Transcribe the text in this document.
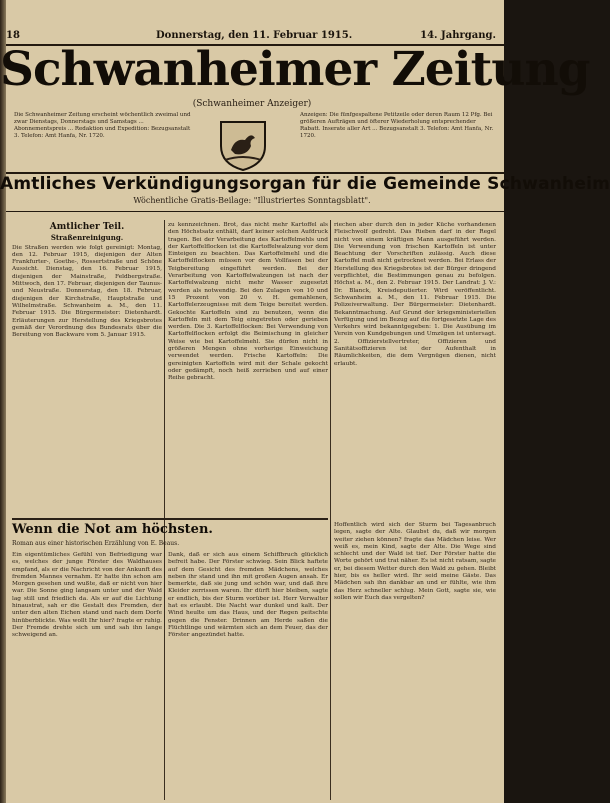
18	Donnerstag, den 11. Februar 1915.	14. Jahrgang.
Schwanheimer Zeitung
(Schwanheimer Anzeiger)
Die Schwanheimer Zeitung erscheint wöchentlich zweimal und zwar Dienstags, Donnerstags und Samstags ... Abonnementspreis ... Redaktion und Expedition: Bezugsanstalt 3. Telefon: Amt Hanfa, Nr. 1720.
Anzeigen: Die fünfgespaltene Petitzeile oder deren Raum 12 Pfg. Bei größeren Aufträgen und öfterer Wiederholung entsprechender Rabatt. Inserate aller Art ... Bezugsanstalt 3. Telefon: Amt Hanfa, Nr. 1720.
Amtliches Verkündigungsorgan für die Gemeinde Schwanheim
Wöchentliche Gratis-Beilage: "Illustriertes Sonntagsblatt".
Amtlicher Teil.
Straßenreinigung.
Die Straßen werden wie folgt gereinigt: Montag, den 12. Februar 1915, diejenigen der Alten Frankfurter-, Goethe-, Rossertstraße und Schöne Aussicht. Dienstag, den 16. Februar 1915, diejenigen der Mainstraße, Feldbergstraße. Mittwoch, den 17. Februar, diejenigen der Taunus- und Neustraße. Donnerstag, den 18. Februar, diejenigen der Kirchstraße, Hauptstraße und Wilhelmstraße. Schwanheim a. M., den 11. Februar 1915. Die Bürgermeister: Dietenhardt. Erläuterungen zur Herstellung des Kriegsbrotes gemäß der Verordnung des Bundesrats über die Bereitung von Backware vom 5. Januar 1915.
zu kennzeichnen. Brot, das nicht mehr Kartoffel als den Höchstsatz enthält, darf keiner solchen Aufdruck tragen. Bei der Verarbeitung des Kartoffelmehls und der Kartoffelflocken ist die Kartoffelwalzung vor dem Einteigen zu beachten. Das Kartoffelmehl und die Kartoffelflocken müssen vor dem Vollfasen bei der Teigbereitung eingeführt werden. Bei der Verarbeitung von Kartoffelwalzungen ist nach der Kartoffelwalzung nicht mehr Wasser zugesetzt werden als notwendig. Bei den Zulagen von 10 und 15 Prozent von 20 v. H. gemahlenen, Kartoffelerzeugnisse mit dem Teige bereitet werden. Gekochte Kartoffeln sind zu benutzen, wenn die Kartoffeln mit dem Teig eingetreten oder gerieben werden. Die 3. Kartoffelflocken: Bei Verwendung von Kartoffelflocken erfolgt die Beimischung in gleicher Weise wie bei Kartoffelmehl. Sie dürfen nicht in größeren Mengen ohne vorherige Einweichung verwendet werden. Frische Kartoffeln: Die gereinigten Kartoffeln wird mit der Schale gekocht oder gedämpft, noch heiß zerrieben und auf einer Reihe gebracht.
riechen aber durch den in jeder Küche vorhandenen Fleischwolf gedreht. Das Rieben darf in der Regel nicht von einem kräftigen Mann ausgeführt werden. Die Verwendung von frischen Kartoffeln ist unter Beachtung der Vorschriften zulässig. Auch diese Kartoffel muß nicht getrocknet werden. Bei Erlass der Herstellung des Kriegsbrotes ist der Bürger dringend verpflichtet, die Bestimmungen genau zu befolgen. Höchst a. M., den 2. Februar 1915. Der Landrat: J. V.: Dr. Blanck, Kreisdeputierter. Wird veröffentlicht. Schwanheim a. M., den 11. Februar 1915. Die Polizeiverwaltung. Der Bürgermeister: Dietenhardt. Bekanntmachung. Auf Grund der kriegsministeriellen Verfügung und im Bezug auf die fortgesetzte Lage des Verkehrs wird bekanntgegeben: 1. Die Ausübung im Verein von Kundgebungen und Umzügen ist untersagt. 2. Offizierstellvertreter, Offizieren und Sanitätsoffizieren ist der Aufenthalt in Räumlichkeiten, die dem Vergnügen dienen, nicht erlaubt.
Wenn die Not am höchsten.
Roman aus einer historischen Erzählung von E. Beaus.
Ein eigentümliches Gefühl von Befriedigung war es, welches der junge Förster des Waldhauses empfand, als er die Nachricht von der Ankunft des fremden Mannes vernahm. Er hatte ihn schon am Morgen gesehen und wußte, daß er nicht von hier war. Die Sonne ging langsam unter und der Wald lag still und friedlich da. Als er auf die Lichtung hinaustrat, sah er die Gestalt des Fremden, der unter den alten Eichen stand und nach dem Dorfe hinüberblickte. Was wollt Ihr hier? fragte er ruhig. Der Fremde drehte sich um und sah ihn lange schweigend an.
Dank, daß er sich aus einem Schiffbruch glücklich befreit habe. Der Förster schwieg. Sein Blick haftete auf dem Gesicht des fremden Mädchens, welches neben ihr stand und ihn mit großen Augen ansah. Er bemerkte, daß sie jung und schön war, und daß ihre Kleider zerrissen waren. Ihr dürft hier bleiben, sagte er endlich, bis der Sturm vorüber ist. Herr Verwalter hat es erlaubt. Die Nacht war dunkel und kalt. Der Wind heulte um das Haus, und der Regen peitschte gegen die Fenster. Drinnen am Herde saßen die Flüchtlinge und wärmten sich an dem Feuer, das der Förster angezündet hatte.
Hoffentlich wird sich der Sturm bei Tagesanbruch legen, sagte der Alte. Glaubst du, daß wir morgen weiter ziehen können? fragte das Mädchen leise. Wer weiß es, mein Kind, sagte der Alte. Die Wege sind schlecht und der Wald ist tief. Der Förster hatte die Worte gehört und trat näher. Es ist nicht ratsam, sagte er, bei diesem Wetter durch den Wald zu gehen. Bleibt hier, bis es heller wird. Ihr seid meine Gäste. Das Mädchen sah ihn dankbar an und er fühlte, wie ihm das Herz schneller schlug. Mein Gott, sagte sie, wie sollen wir Euch das vergelten?
